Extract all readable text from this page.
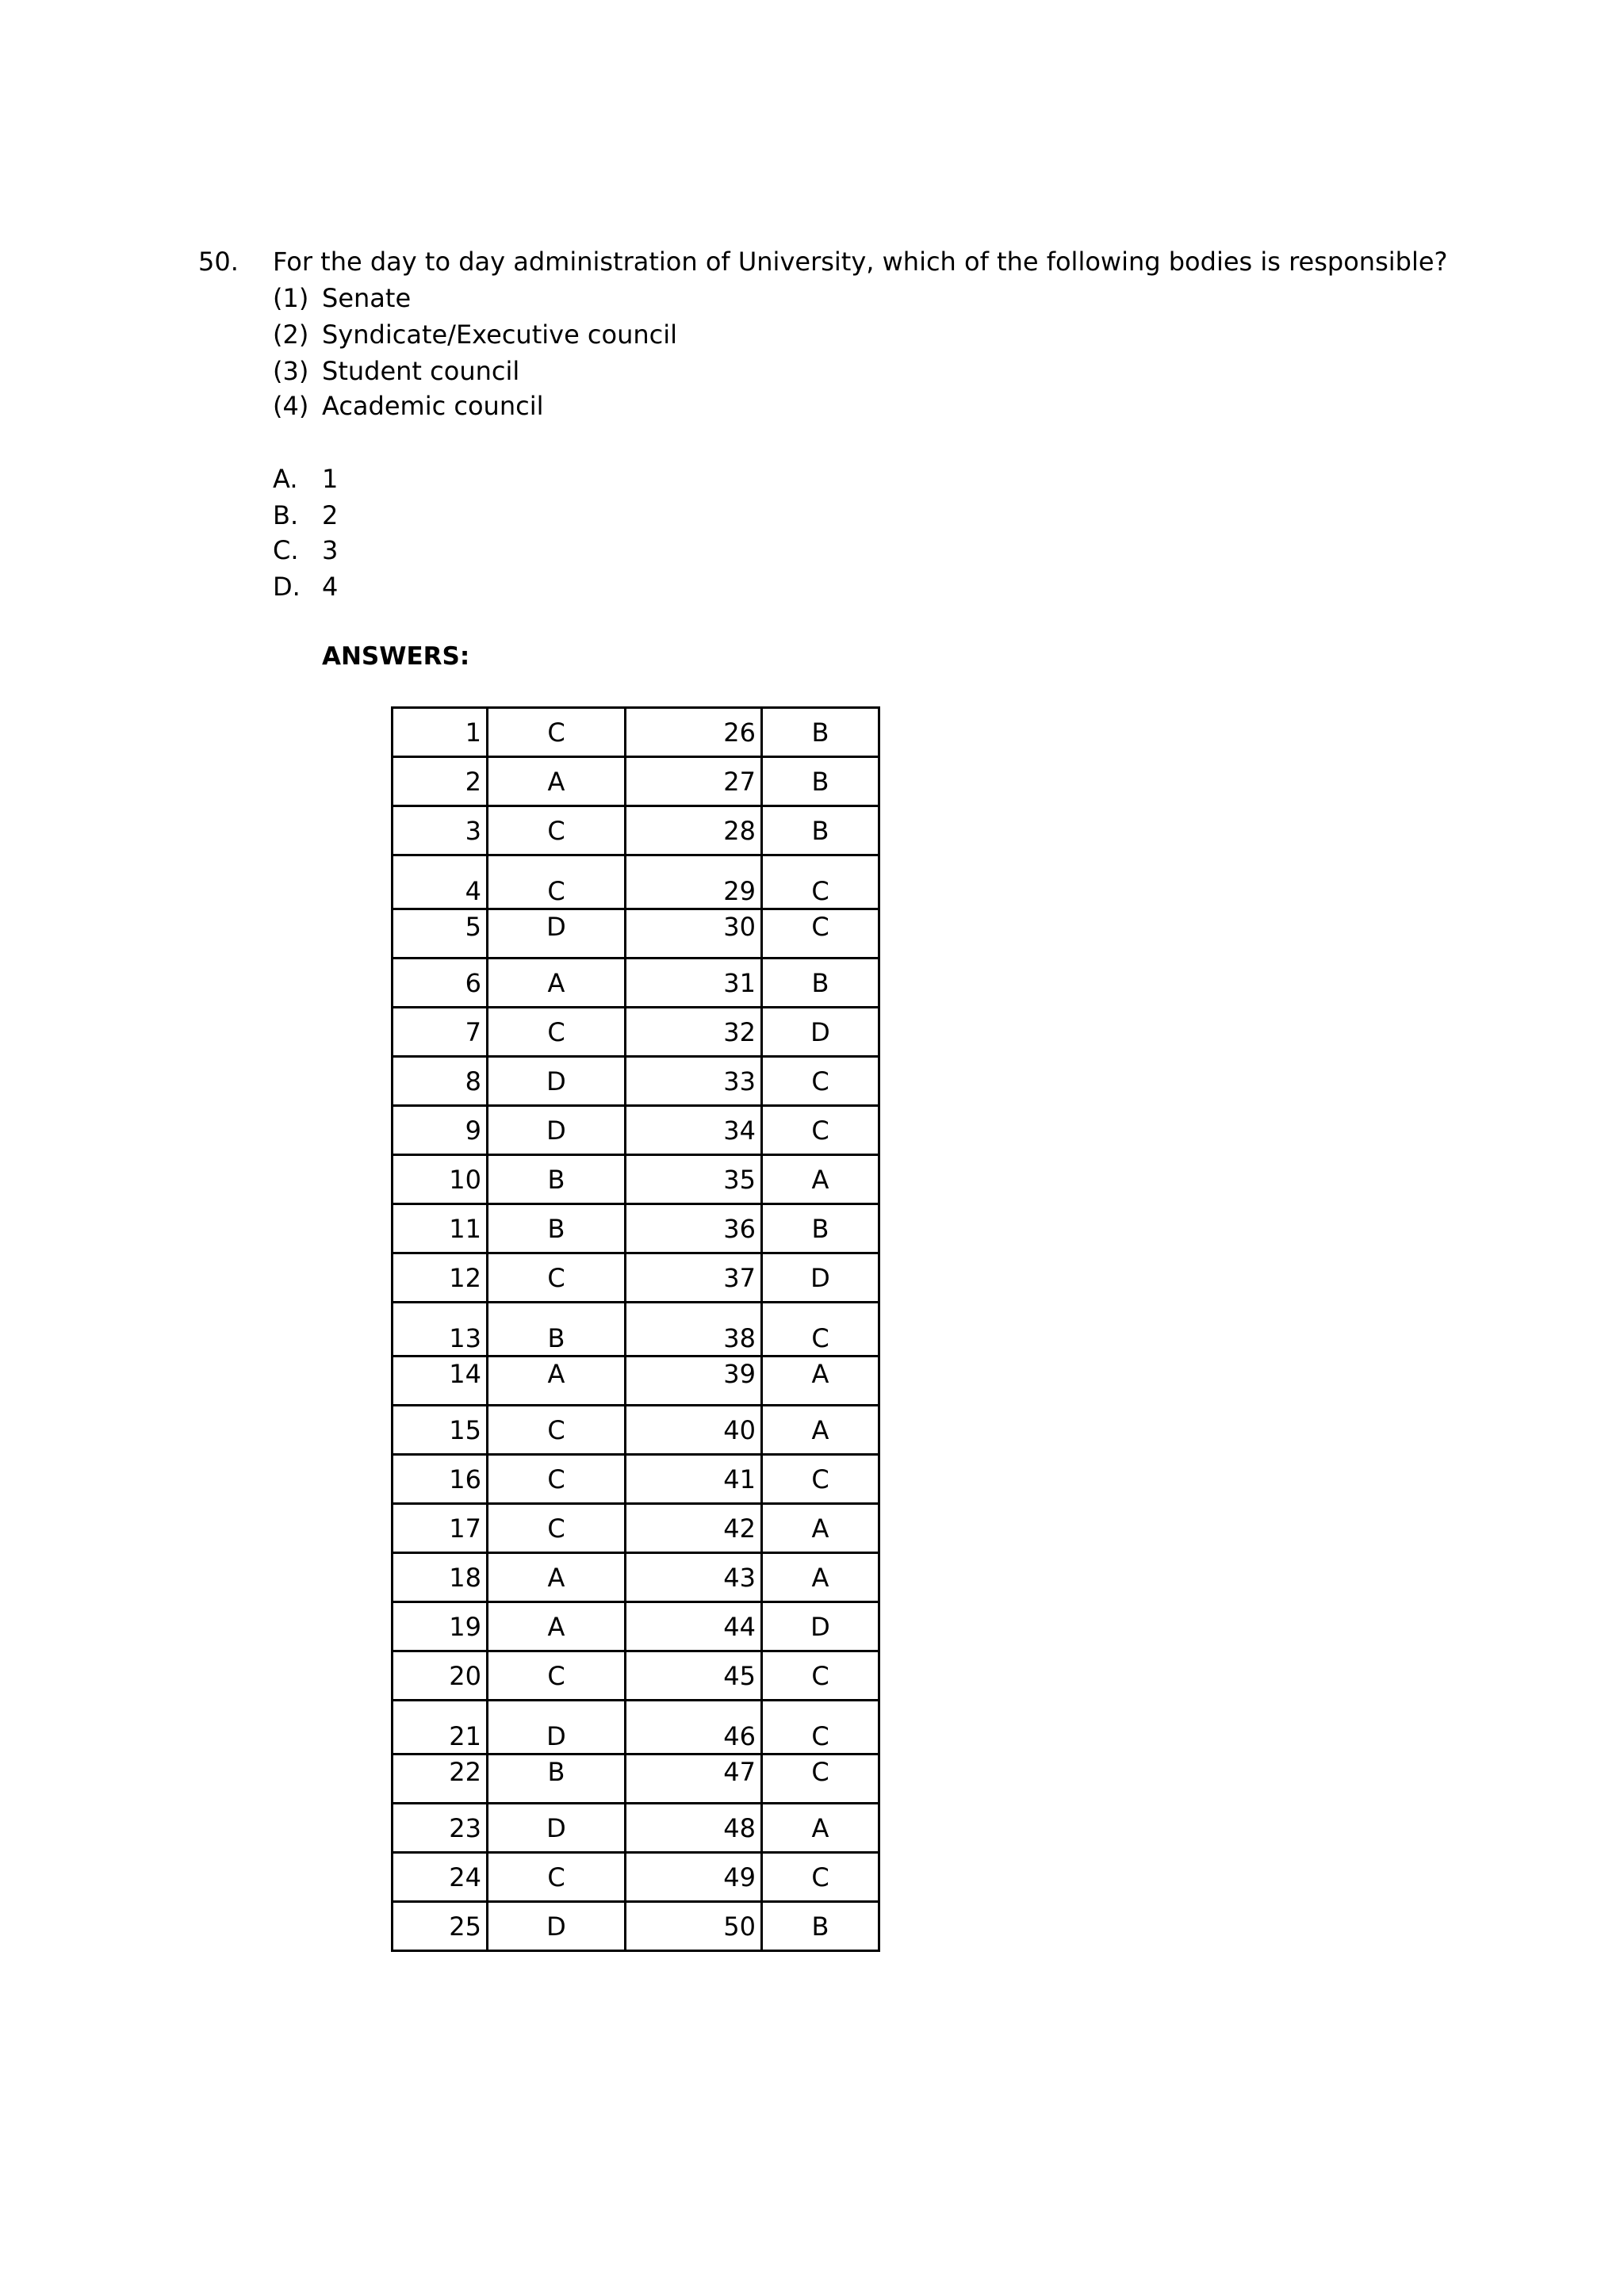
50. For the day to day administration of University, which of the following bodies is responsible?
(1) Senate
(2) Syndicate/Executive council
(3) Student council
(4) Academic council
A. 1
B. 2
C. 3
D. 4
ANSWERS:
1	C	26	B
2	A	27	B
3	C	28	B
4	C	29	C
5	D	30	C
6	A	31	B
7	C	32	D
8	D	33	C
9	D	34	C
10	B	35	A
11	B	36	B
12	C	37	D
13	B	38	C
14	A	39	A
15	C	40	A
16	C	41	C
17	C	42	A
18	A	43	A
19	A	44	D
20	C	45	C
21	D	46	C
22	B	47	C
23	D	48	A
24	C	49	C
25	D	50	B
